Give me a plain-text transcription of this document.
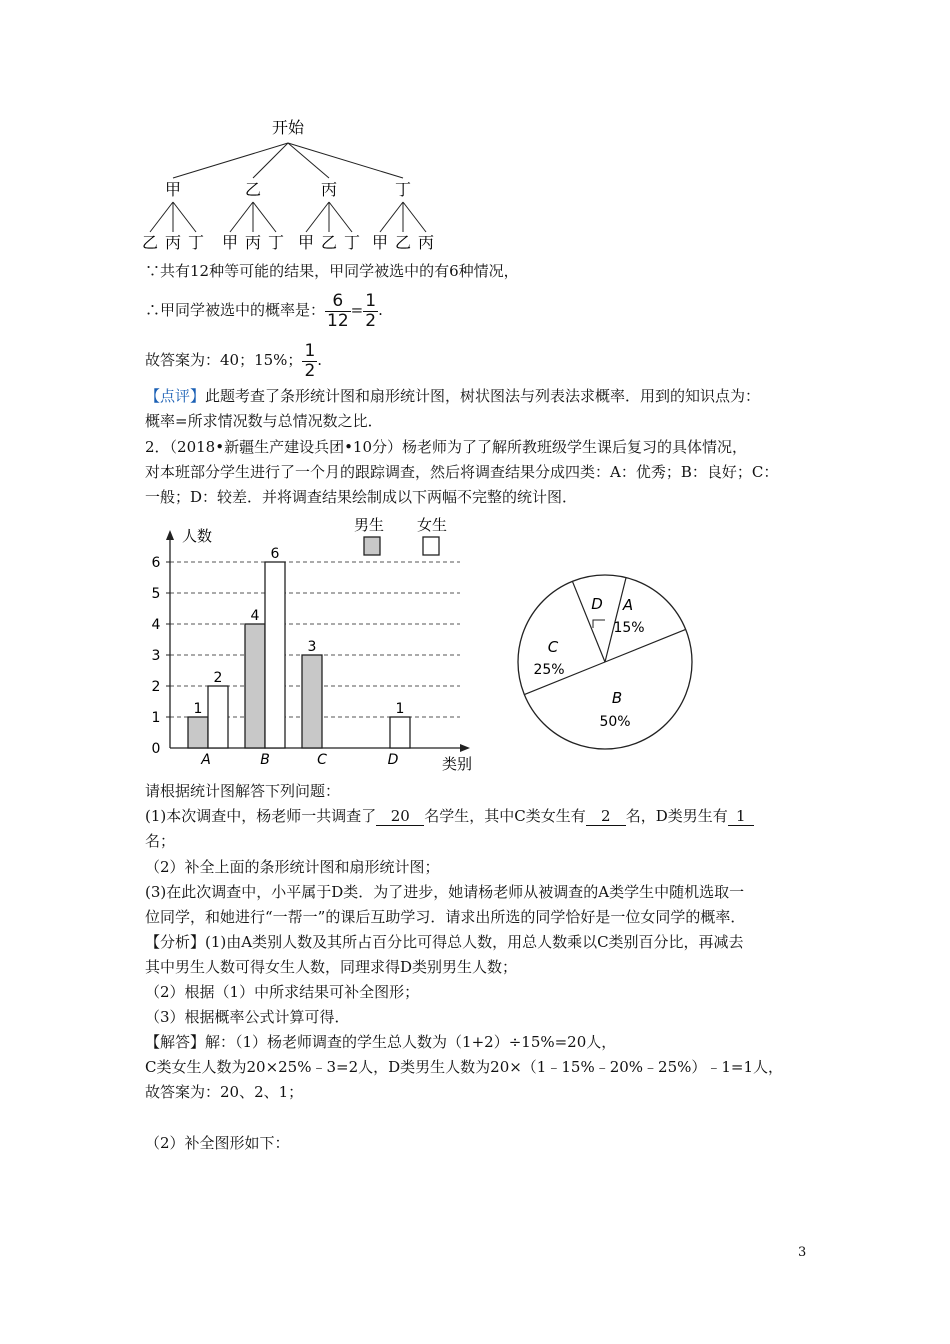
开始
甲
乙 丙 丁
乙
甲 丙 丁
丙
甲 乙 丁
丁
甲 乙 丙
∵共有12种等可能的结果，甲同学被选中的有6种情况，
∴甲同学被选中的概率是： $\frac{6}{12} = \frac{1}{2}$ .
故答案为：40；15%； $\frac{1}{2}$ .
【点评】此题考查了条形统计图和扇形统计图，树状图法与列表法求概率．用到的知识点为：
概率=所求情况数与总情况数之比．
2．（2018•新疆生产建设兵团•10分）杨老师为了了解所教班级学生课后复习的具体情况，
对本班部分学生进行了一个月的跟踪调查，然后将调查结果分成四类：A：优秀；B：良好；C：
一般；D：较差．并将调查结果绘制成以下两幅不完整的统计图．
0
1
2
3
4
5
6
人数
类别
1
2
A
4
6
B
3
C
1
D
男生 女生
D A
15%
B
50%
C
25%
请根据统计图解答下列问题：
(1)本次调查中，杨老师一共调查了 20 名学生，其中C类女生有 2 名，D类男生有 1
名；
（2）补全上面的条形统计图和扇形统计图；
(3)在此次调查中，小平属于D类．为了进步，她请杨老师从被调查的A类学生中随机选取一
位同学，和她进行“一帮一”的课后互助学习．请求出所选的同学恰好是一位女同学的概率．
【分析】(1)由A类别人数及其所占百分比可得总人数，用总人数乘以C类别百分比，再减去
其中男生人数可得女生人数，同理求得D类别男生人数；
（2）根据（1）中所求结果可补全图形；
（3）根据概率公式计算可得．
【解答】解：（1）杨老师调查的学生总人数为（1+2）÷15%=20人，
C类女生人数为20×25%﹣3=2人，D类男生人数为20×（1﹣15%﹣20%﹣25%）﹣1=1人，
故答案为：20、2、1；
（2）补全图形如下：
3
